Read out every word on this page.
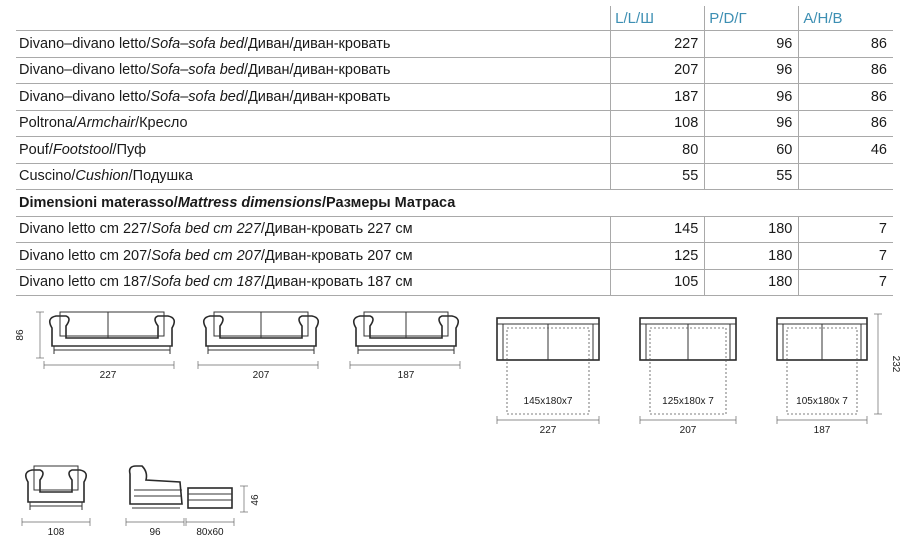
	L/L/Ш	P/D/Г	A/H/B
Divano–divano letto/Sofa–sofa bed/Диван/диван-кровать	227	96	86
Divano–divano letto/Sofa–sofa bed/Диван/диван-кровать	207	96	86
Divano–divano letto/Sofa–sofa bed/Диван/диван-кровать	187	96	86
Poltrona/Armchair/Кресло	108	96	86
Pouf/Footstool/Пуф	80	60	46
Cuscino/Cushion/Подушка	55	55	
Dimensioni materasso/Mattress dimensions/Размеры Матраса			
Divano letto cm 227/Sofa bed cm 227/Диван-кровать 227 см	145	180	7
Divano letto cm 207/Sofa bed cm 207/Диван-кровать 207 см	125	180	7
Divano letto cm 187/Sofa bed cm 187/Диван-кровать 187 см	105	180	7
86
227	207	187
145x180x7
227
125x180x 7
207
105x180x 7
187
232
108	96	80x60
46
